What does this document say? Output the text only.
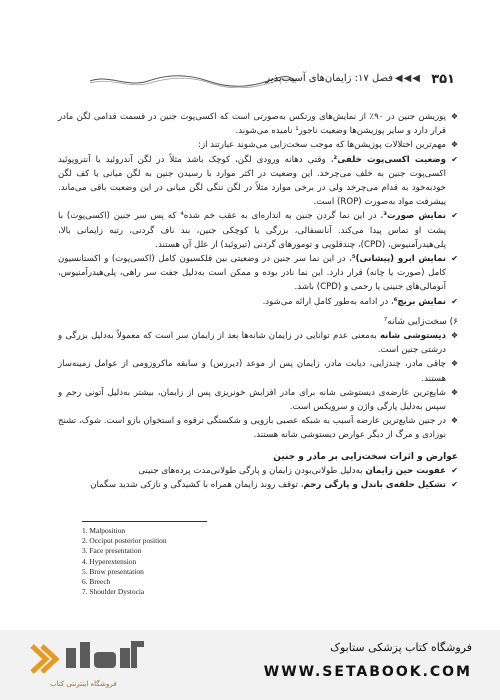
فصل ۱۷: زایمان‌های آسیب‌پذیر ◀◀◀ ۳۵۱

❖
پوزیشن جنین در ۹۰٪ از نمایش‌های ورتکس به‌صورتی است که اکسی‌پوت جنین در قسمت قدامی لگن مادر قرار دارد و سایر پوزیشن‌ها وضعیت ناجور¹ نامیده می‌شوند.

❖
مهم‌ترین اختلالات پوزیشن‌ها که موجب سخت‌زایی می‌شوند عبارتند از:

✔
وضعیت اکسی‌پوت خلفی²، وقتی دهانه ورودی لگن، کوچک باشد مثلاً در لگن آندروئید یا آنتروپوئید اکسی‌پوت جنین به خلف می‌چرخد. این وضعیت در اکثر موارد با رسیدن جنین به لگن میانی یا کف لگن خودبه‌خود به قدام می‌چرخد ولی در برخی موارد مثلاً در لگن تنگی لگن میانی در این وضعیت باقی می‌ماند. پیشرفت مواد به‌صورت (ROP) است.

✔
نمایش صورت³، در این نما گردن جنین به اندازه‌ای به عقب خم شده⁴ که پس سر جنین (اکسی‌پوت) با پشت او تماس پیدا می‌کند. آنانسفالی، بزرگی یا کوچکی جنین، بند ناف گردنی، رتبه زایمانی بالا، پلی‌هیدرآمنیوس، (CPD)، چندقلویی و تومورهای گردنی (تیروئید) از علل آن هستند.

✔
نمایش ابرو (پیشانی)⁵، در این نما سر جنین در وضعیتی بین فلکسیون کامل (اکسی‌پوت) و اکستانسیون کامل (صورت یا چانه) قرار دارد. این نما نادر بوده و ممکن است به‌دلیل جفت سر راهی، پلی‌هیدرآمنیوس، آنومالی‌های جنینی یا رحمی و (CPD) باشد.

✔
نمایش بریچ⁶، در ادامه به‌طور کامل ارائه می‌شود.

۶) سخت‌زایی شانه⁷

❖
دیستوشی شانه به‌معنی عدم توانایی در زایمان شانه‌ها بعد از زایمان سر است که معمولاً به‌دلیل بزرگی و درشتی جنین است.

❖
چاقی مادر، چندزایی، دیابت مادر، زایمان پس از موعد (دیررس) و سابقه ماکروزومی از عوامل زمینه‌ساز هستند.

❖
شایع‌ترین عارضه‌ی دیستوشی شانه برای مادر افزایش خونریزی پس از زایمان، بیشتر به‌دلیل آتونی رحم و سپس به‌دلیل پارگی واژن و سرویکس است.

❖
در جنین شایع‌ترین عارضه آسیب به شبکه عصبی بازویی و شکستگی ترقوه و استخوان بازو است. شوک، تشنج نوزادی و مرگ از دیگر عوارض دیستوشی شانه هستند.

عوارض و اثرات سخت‌زایی بر مادر و جنین

✔
عفونت حین زایمان به‌دلیل طولانی‌بودن زایمان و پارگی طولانی‌مدت پرده‌های جنینی

✔
تشکیل حلقه‌ی باندل و پارگی رحم، توقف روند زایمان همراه با کشیدگی و نازکی شدید سگمان

1. Malposition
2. Occiput posterior position
3. Face presentation
4. Hyperextension
5. Brow presentation
6. Breech
7. Shoulder Dystocia
فروشگاه اینترنتی کتاب
فروشگاه کتاب پزشکی ستابوک
WWW.SETABOOK.COM
